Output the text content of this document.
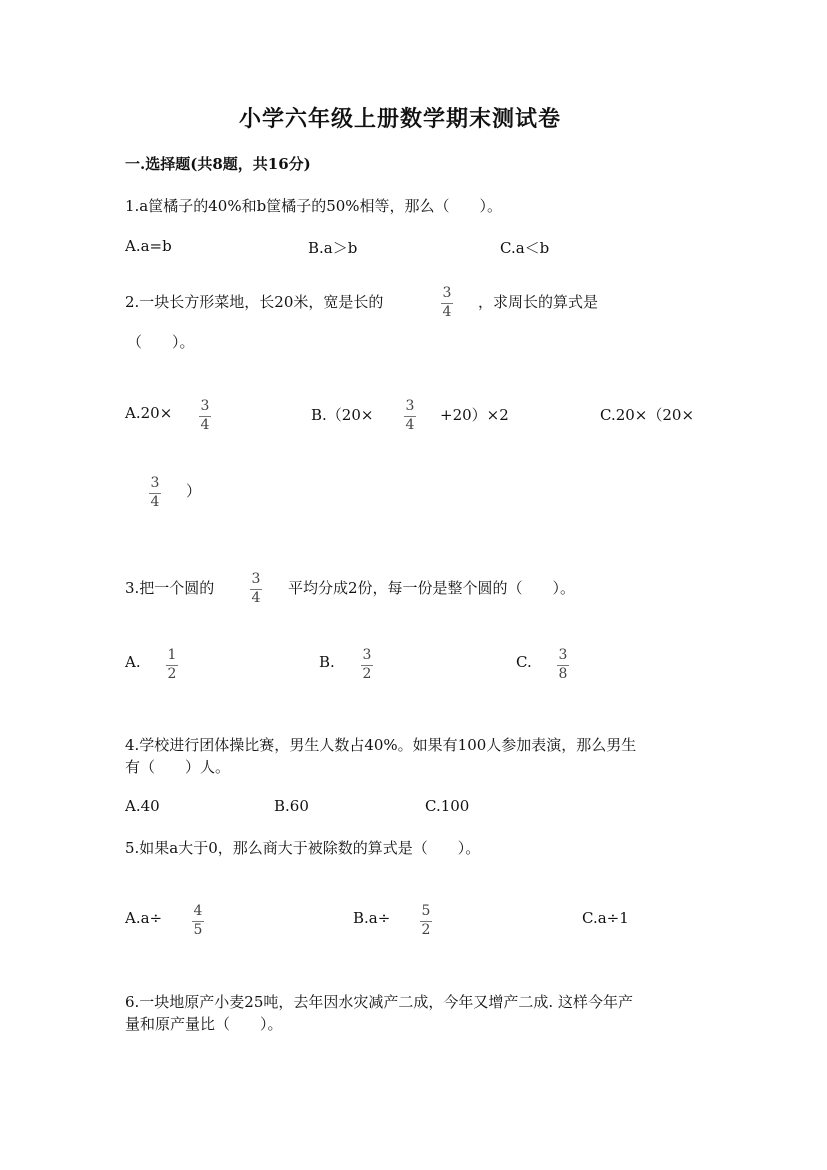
小学六年级上册数学期末测试卷
一.选择题(共8题，共16分)
1.a筐橘子的40%和b筐橘子的50%相等，那么（　　）。
A.a=b	B.a＞b	C.a＜b
2.一块长方形菜地，长20米，宽是长的	3
4
，求周长的算式是
（　　）。
A.20× 3
4
B.（20× 3
4
+20）×2	C.20×（20×
3
4
）
3.把一个圆的	3
4
平均分成2份，每一份是整个圆的（　　）。
A. 1
2
B. 3
2
C. 3
8
4.学校进行团体操比赛，男生人数占40%。如果有100人参加表演，那么男生
有（　　）人。
A.40	B.60	C.100
5.如果a大于0，那么商大于被除数的算式是（　　）。
A.a÷ 4
5
B.a÷ 5
2
C.a÷1
6.一块地原产小麦25吨，去年因水灾减产二成，今年又增产二成. 这样今年产
量和原产量比（　　）。
